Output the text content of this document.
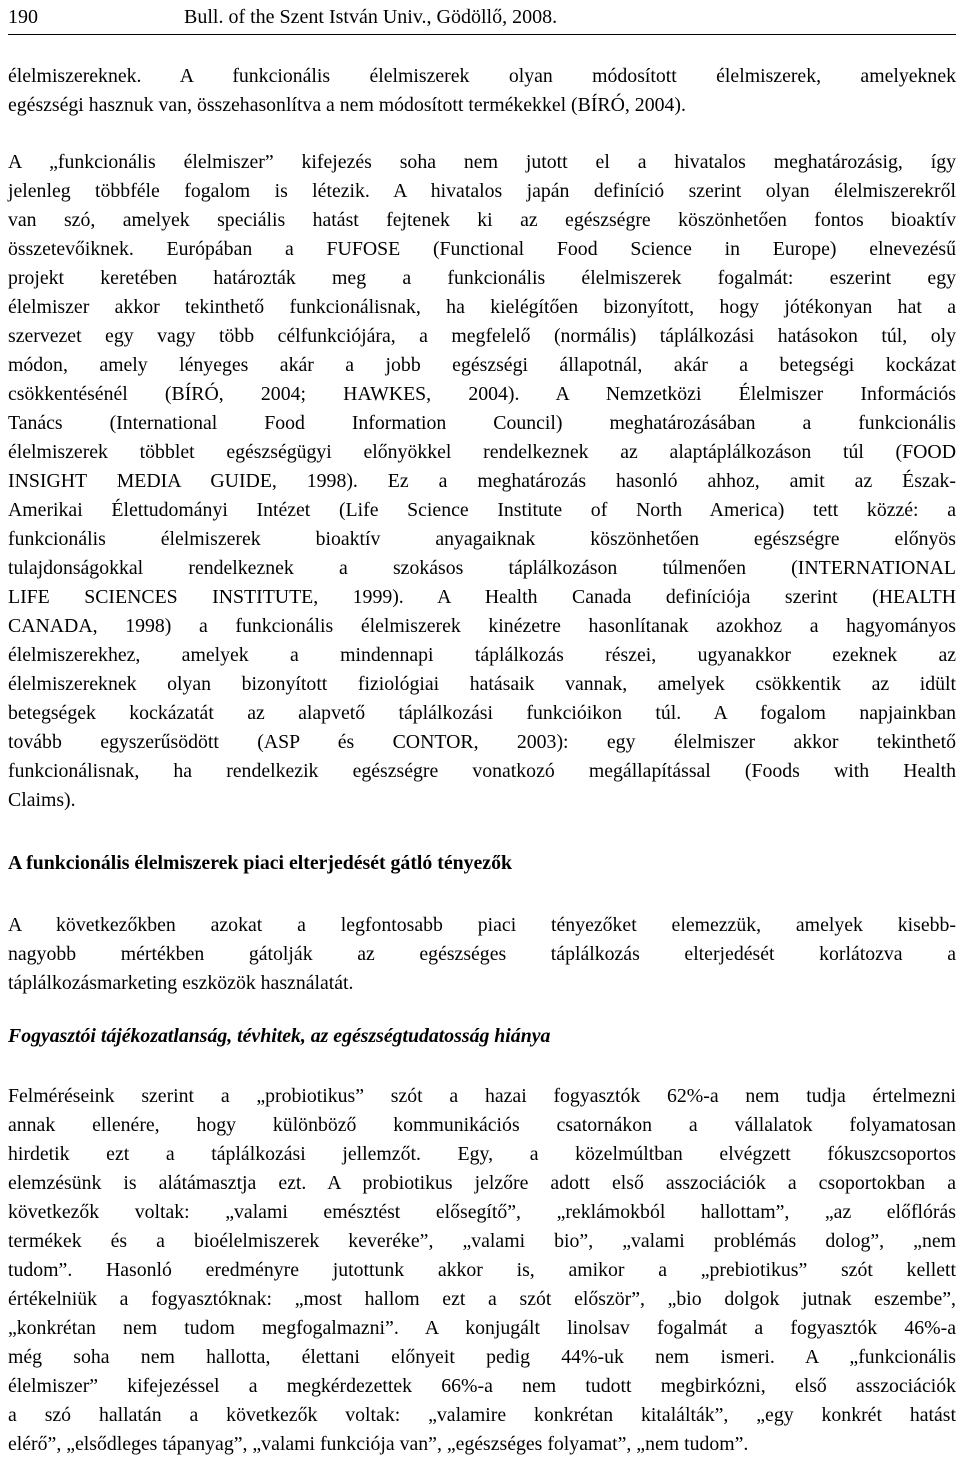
190	Bull. of the Szent István Univ., Gödöllő, 2008.
élelmiszereknek. A funkcionális élelmiszerek olyan módosított élelmiszerek, amelyeknek
egészségi hasznuk van, összehasonlítva a nem módosított termékekkel (BÍRÓ, 2004).
A „funkcionális élelmiszer” kifejezés soha nem jutott el a hivatalos meghatározásig, így
jelenleg többféle fogalom is létezik. A hivatalos japán definíció szerint olyan élelmiszerekről
van szó, amelyek speciális hatást fejtenek ki az egészségre köszönhetően fontos bioaktív
összetevőiknek. Európában a FUFOSE (Functional Food Science in Europe) elnevezésű
projekt keretében határozták meg a funkcionális élelmiszerek fogalmát: eszerint egy
élelmiszer akkor tekinthető funkcionálisnak, ha kielégítően bizonyított, hogy jótékonyan hat a
szervezet egy vagy több célfunkciójára, a megfelelő (normális) táplálkozási hatásokon túl, oly
módon, amely lényeges akár a jobb egészségi állapotnál, akár a betegségi kockázat
csökkentésénél (BÍRÓ, 2004; HAWKES, 2004). A Nemzetközi Élelmiszer Információs
Tanács (International Food Information Council) meghatározásában a funkcionális
élelmiszerek többlet egészségügyi előnyökkel rendelkeznek az alaptáplálkozáson túl (FOOD
INSIGHT MEDIA GUIDE, 1998). Ez a meghatározás hasonló ahhoz, amit az Észak-
Amerikai Élettudományi Intézet (Life Science Institute of North America) tett közzé: a
funkcionális élelmiszerek bioaktív anyagaiknak köszönhetően egészségre előnyös
tulajdonságokkal rendelkeznek a szokásos táplálkozáson túlmenően (INTERNATIONAL
LIFE SCIENCES INSTITUTE, 1999). A Health Canada definíciója szerint (HEALTH
CANADA, 1998) a funkcionális élelmiszerek kinézetre hasonlítanak azokhoz a hagyományos
élelmiszerekhez, amelyek a mindennapi táplálkozás részei, ugyanakkor ezeknek az
élelmiszereknek olyan bizonyított fiziológiai hatásaik vannak, amelyek csökkentik az idült
betegségek kockázatát az alapvető táplálkozási funkcióikon túl. A fogalom napjainkban
tovább egyszerűsödött (ASP és CONTOR, 2003): egy élelmiszer akkor tekinthető
funkcionálisnak, ha rendelkezik egészségre vonatkozó megállapítással (Foods with Health
Claims).
A funkcionális élelmiszerek piaci elterjedését gátló tényezők
A következőkben azokat a legfontosabb piaci tényezőket elemezzük, amelyek kisebb-
nagyobb mértékben gátolják az egészséges táplálkozás elterjedését korlátozva a
táplálkozásmarketing eszközök használatát.
Fogyasztói tájékozatlanság, tévhitek, az egészségtudatosság hiánya
Felméréseink szerint a „probiotikus” szót a hazai fogyasztók 62%-a nem tudja értelmezni
annak ellenére, hogy különböző kommunikációs csatornákon a vállalatok folyamatosan
hirdetik ezt a táplálkozási jellemzőt. Egy, a közelmúltban elvégzett fókuszcsoportos
elemzésünk is alátámasztja ezt. A probiotikus jelzőre adott első asszociációk a csoportokban a
következők voltak: „valami emésztést elősegítő”, „reklámokból hallottam”, „az előflórás
termékek és a bioélelmiszerek keveréke”, „valami bio”, „valami problémás dolog”, „nem
tudom”. Hasonló eredményre jutottunk akkor is, amikor a „prebiotikus” szót kellett
értékelniük a fogyasztóknak: „most hallom ezt a szót először”, „bio dolgok jutnak eszembe”,
„konkrétan nem tudom megfogalmazni”. A konjugált linolsav fogalmát a fogyasztók 46%-a
még soha nem hallotta, élettani előnyeit pedig 44%-uk nem ismeri. A „funkcionális
élelmiszer” kifejezéssel a megkérdezettek 66%-a nem tudott megbirkózni, első asszociációk
a szó hallatán a következők voltak: „valamire konkrétan kitalálták”, „egy konkrét hatást
elérő”, „elsődleges tápanyag”, „valami funkciója van”, „egészséges folyamat”, „nem tudom”.
